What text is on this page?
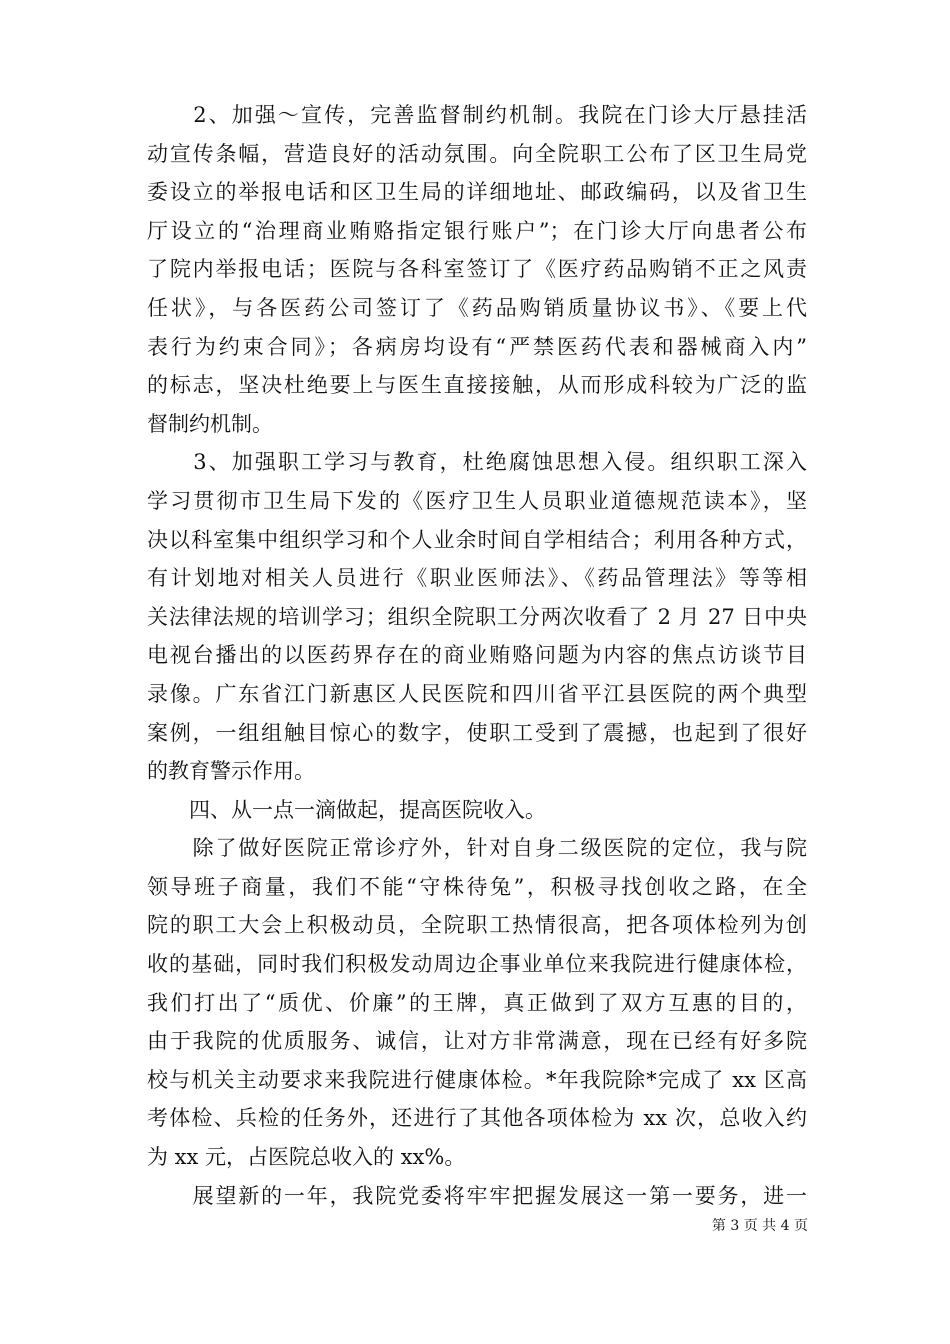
　　2、加强～宣传，完善监督制约机制。我院在门诊大厅悬挂活
动宣传条幅，营造良好的活动氛围。向全院职工公布了区卫生局党
委设立的举报电话和区卫生局的详细地址、邮政编码，以及省卫生
厅设立的“治理商业贿赂指定银行账户”；在门诊大厅向患者公布
了院内举报电话；医院与各科室签订了《医疗药品购销不正之风责
任状》，与各医药公司签订了《药品购销质量协议书》、《要上代
表行为约束合同》；各病房均设有“严禁医药代表和器械商入内”
的标志，坚决杜绝要上与医生直接接触，从而形成科较为广泛的监
督制约机制。
　　3、加强职工学习与教育，杜绝腐蚀思想入侵。组织职工深入
学习贯彻市卫生局下发的《医疗卫生人员职业道德规范读本》，坚
决以科室集中组织学习和个人业余时间自学相结合；利用各种方式，
有计划地对相关人员进行《职业医师法》、《药品管理法》等等相
关法律法规的培训学习；组织全院职工分两次收看了 2 月 27 日中央
电视台播出的以医药界存在的商业贿赂问题为内容的焦点访谈节目
录像。广东省江门新惠区人民医院和四川省平江县医院的两个典型
案例，一组组触目惊心的数字，使职工受到了震撼，也起到了很好
的教育警示作用。
　　四、从一点一滴做起，提高医院收入。
　　除了做好医院正常诊疗外，针对自身二级医院的定位，我与院
领导班子商量，我们不能“守株待兔”，积极寻找创收之路，在全
院的职工大会上积极动员，全院职工热情很高，把各项体检列为创
收的基础，同时我们积极发动周边企事业单位来我院进行健康体检，
我们打出了“质优、价廉”的王牌，真正做到了双方互惠的目的，
由于我院的优质服务、诚信，让对方非常满意，现在已经有好多院
校与机关主动要求来我院进行健康体检。*年我院除*完成了 xx 区高
考体检、兵检的任务外，还进行了其他各项体检为 xx 次，总收入约
为 xx 元，占医院总收入的 xx%。
　　展望新的一年，我院党委将牢牢把握发展这一第一要务，进一
第 3 页 共 4 页
